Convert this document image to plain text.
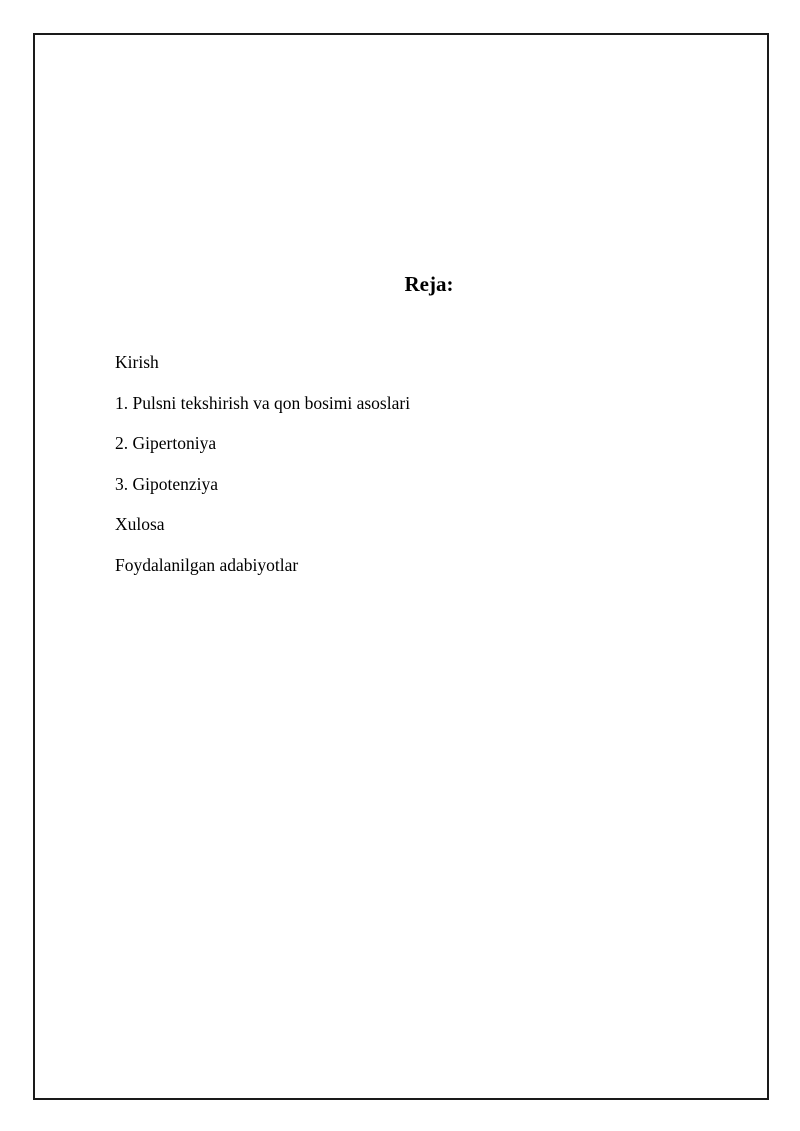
Reja:
Kirish
1. Pulsni tekshirish va qon bosimi asoslari
2. Gipertoniya
3. Gipotenziya
Xulosa
Foydalanilgan adabiyotlar
